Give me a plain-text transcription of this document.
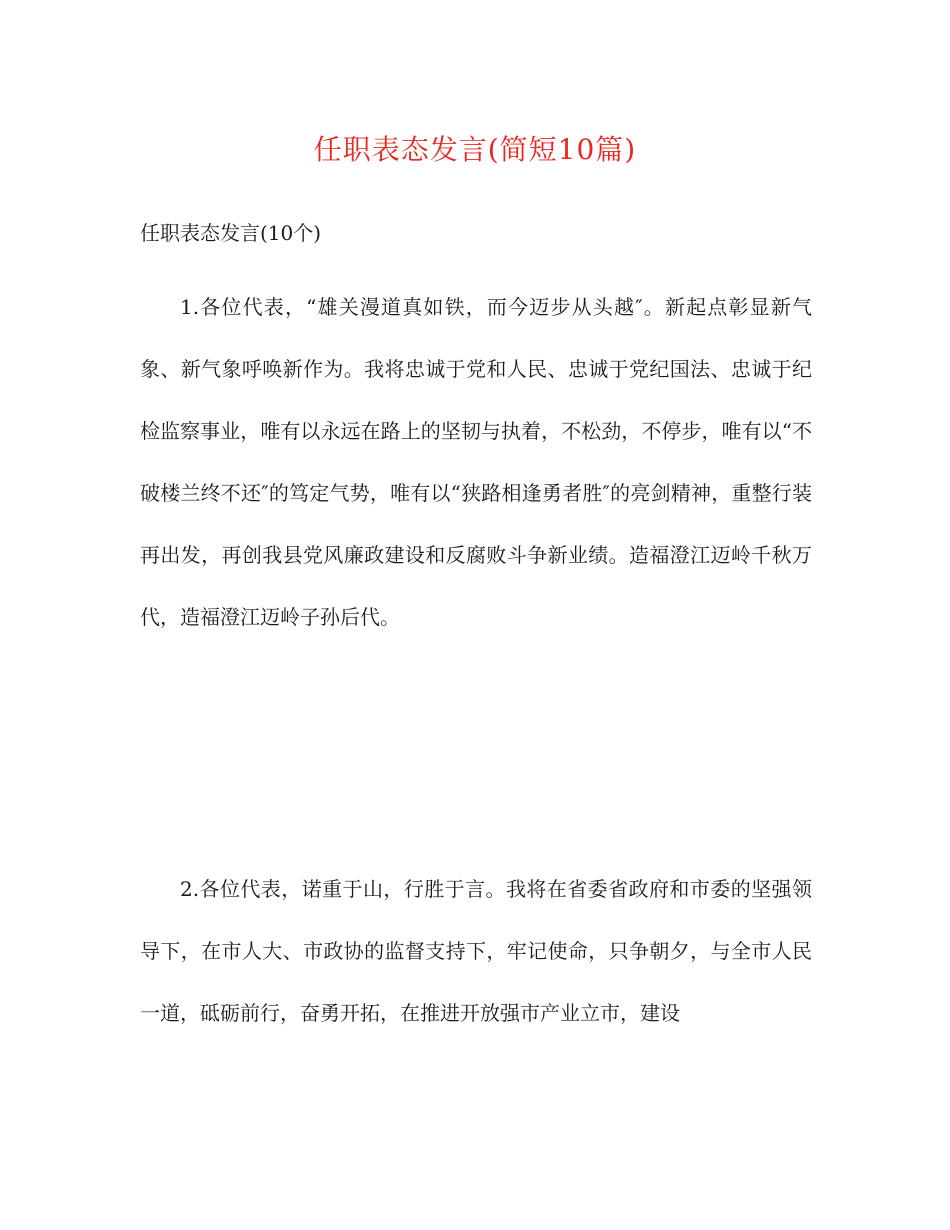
任职表态发言(简短10篇)
任职表态发言(10个)

1.各位代表，“雄关漫道真如铁，而今迈步从头越″。新起点彰显新气象、新气象呼唤新作为。我将忠诚于党和人民、忠诚于党纪国法、忠诚于纪检监察事业，唯有以永远在路上的坚韧与执着，不松劲，不停步，唯有以“不破楼兰终不还″的笃定气势，唯有以“狭路相逢勇者胜″的亮剑精神，重整行装再出发，再创我县党风廉政建设和反腐败斗争新业绩。造福澄江迈岭千秋万代，造福澄江迈岭子孙后代。

2.各位代表，诺重于山，行胜于言。我将在省委省政府和市委的坚强领导下，在市人大、市政协的监督支持下，牢记使命，只争朝夕，与全市人民一道，砥砺前行，奋勇开拓，在推进开放强市产业立市，建设
